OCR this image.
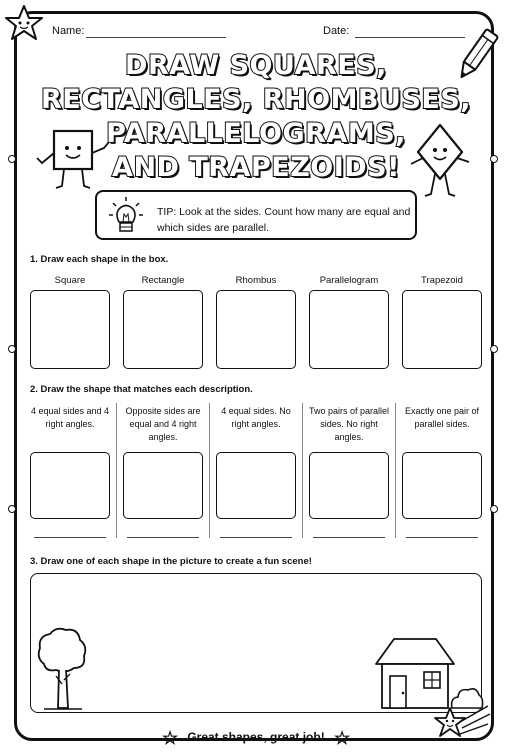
Name:	Date:
DRAW SQUARES,
RECTANGLES, RHOMBUSES,
PARALLELOGRAMS,
AND TRAPEZOIDS!
TIP: Look at the sides. Count how many are equal and which sides are parallel.
1. Draw each shape in the box.
Square	Rectangle	Rhombus	Parallelogram	Trapezoid
2. Draw the shape that matches each description.
4 equal sides and 4 right angles.
Opposite sides are equal and 4 right angles.
4 equal sides. No right angles.
Two pairs of parallel sides. No right angles.
Exactly one pair of parallel sides.
3. Draw one of each shape in the picture to create a fun scene!
☆ Great shapes, great job! ☆
